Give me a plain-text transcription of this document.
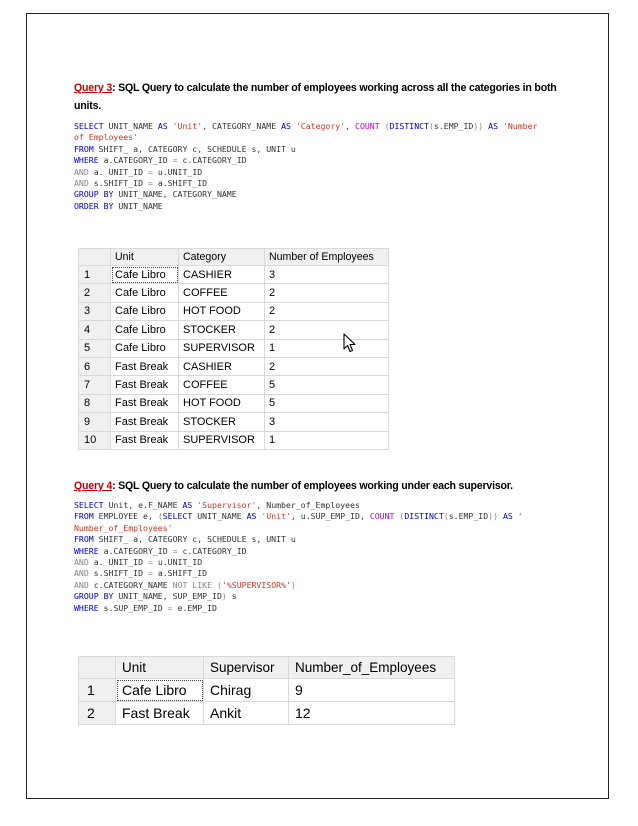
Query 3: SQL Query to calculate the number of employees working across all the categories in both
units.
SELECT UNIT_NAME AS 'Unit', CATEGORY_NAME AS 'Category', COUNT (DISTINCT(s.EMP_ID)) AS 'Number
of Employees'
FROM SHIFT_ a, CATEGORY c, SCHEDULE s, UNIT u
WHERE a.CATEGORY_ID = c.CATEGORY_ID
AND a. UNIT_ID = u.UNIT_ID
AND s.SHIFT_ID = a.SHIFT_ID
GROUP BY UNIT_NAME, CATEGORY_NAME
ORDER BY UNIT_NAME
	Unit	Category	Number of Employees
1	Cafe Libro	CASHIER	3
2	Cafe Libro	COFFEE	2
3	Cafe Libro	HOT FOOD	2
4	Cafe Libro	STOCKER	2
5	Cafe Libro	SUPERVISOR	1
6	Fast Break	CASHIER	2
7	Fast Break	COFFEE	5
8	Fast Break	HOT FOOD	5
9	Fast Break	STOCKER	3
10	Fast Break	SUPERVISOR	1
Query 4: SQL Query to calculate the number of employees working under each supervisor.
SELECT Unit, e.F_NAME AS 'Supervisor', Number_of_Employees
FROM EMPLOYEE e, (SELECT UNIT_NAME AS 'Unit', u.SUP_EMP_ID, COUNT (DISTINCT(s.EMP_ID)) AS '
Number_of_Employees'
FROM SHIFT_ a, CATEGORY c, SCHEDULE s, UNIT u
WHERE a.CATEGORY_ID = c.CATEGORY_ID
AND a. UNIT_ID = u.UNIT_ID
AND s.SHIFT_ID = a.SHIFT_ID
AND c.CATEGORY_NAME NOT LIKE ('%SUPERVISOR%')
GROUP BY UNIT_NAME, SUP_EMP_ID) s
WHERE s.SUP_EMP_ID = e.EMP_ID
	Unit	Supervisor	Number_of_Employees
1	Cafe Libro	Chirag	9
2	Fast Break	Ankit	12
